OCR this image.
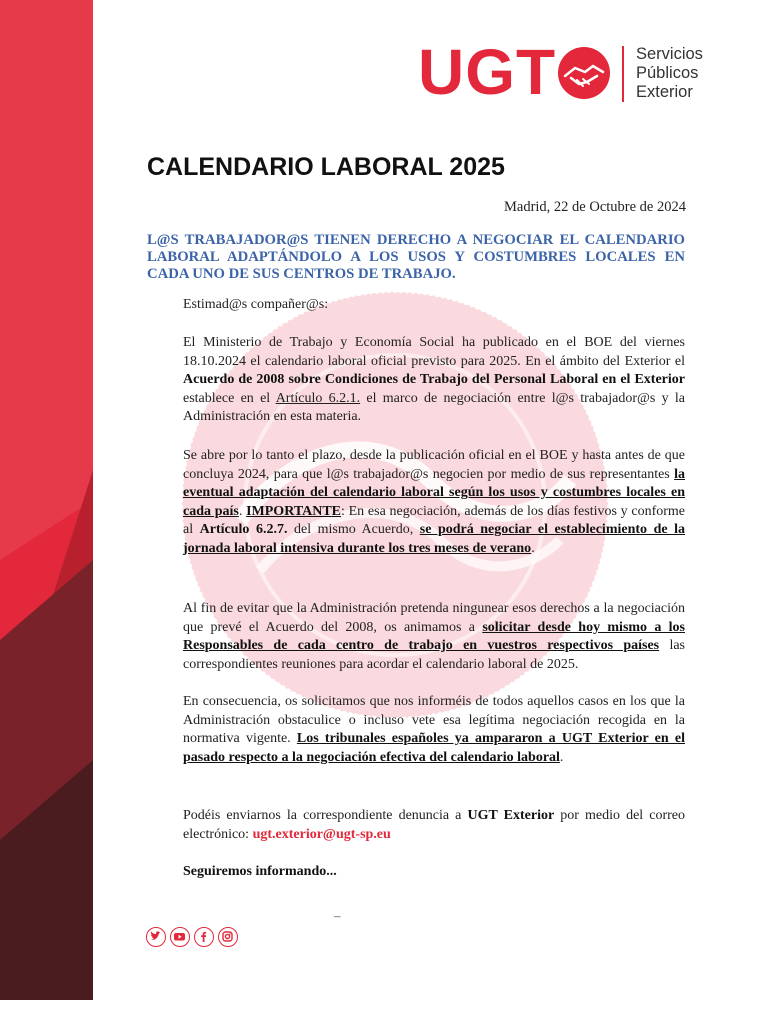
UGT	Servicios
Públicos
Exterior
CALENDARIO LABORAL 2025
Madrid, 22 de Octubre de 2024
L@S TRABAJADOR@S TIENEN DERECHO A NEGOCIAR EL CALENDARIO LABORAL ADAPTÁNDOLO A LOS USOS Y COSTUMBRES LOCALES EN CADA UNO DE SUS CENTROS DE TRABAJO.
Estimad@s compañer@s:
El Ministerio de Trabajo y Economía Social ha publicado en el BOE del viernes 18.10.2024 el calendario laboral oficial previsto para 2025. En el ámbito del Exterior el Acuerdo de 2008 sobre Condiciones de Trabajo del Personal Laboral en el Exterior establece en el Artículo 6.2.1. el marco de negociación entre l@s trabajador@s y la Administración en esta materia.
Se abre por lo tanto el plazo, desde la publicación oficial en el BOE y hasta antes de que concluya 2024, para que l@s trabajador@s negocien por medio de sus representantes la eventual adaptación del calendario laboral según los usos y costumbres locales en cada país. IMPORTANTE: En esa negociación, además de los días festivos y conforme al Artículo 6.2.7. del mismo Acuerdo, se podrá negociar el establecimiento de la jornada laboral intensiva durante los tres meses de verano.
Al fin de evitar que la Administración pretenda ningunear esos derechos a la negociación que prevé el Acuerdo del 2008, os animamos a solicitar desde hoy mismo a los Responsables de cada centro de trabajo en vuestros respectivos países las correspondientes reuniones para acordar el calendario laboral de 2025.
En consecuencia, os solicitamos que nos informéis de todos aquellos casos en los que la Administración obstaculice o incluso vete esa legítima negociación recogida en la normativa vigente. Los tribunales españoles ya ampararon a UGT Exterior en el pasado respecto a la negociación efectiva del calendario laboral.
Podéis enviarnos la correspondiente denuncia a UGT Exterior por medio del correo electrónico: ugt.exterior@ugt-sp.eu
Seguiremos informando...
–
